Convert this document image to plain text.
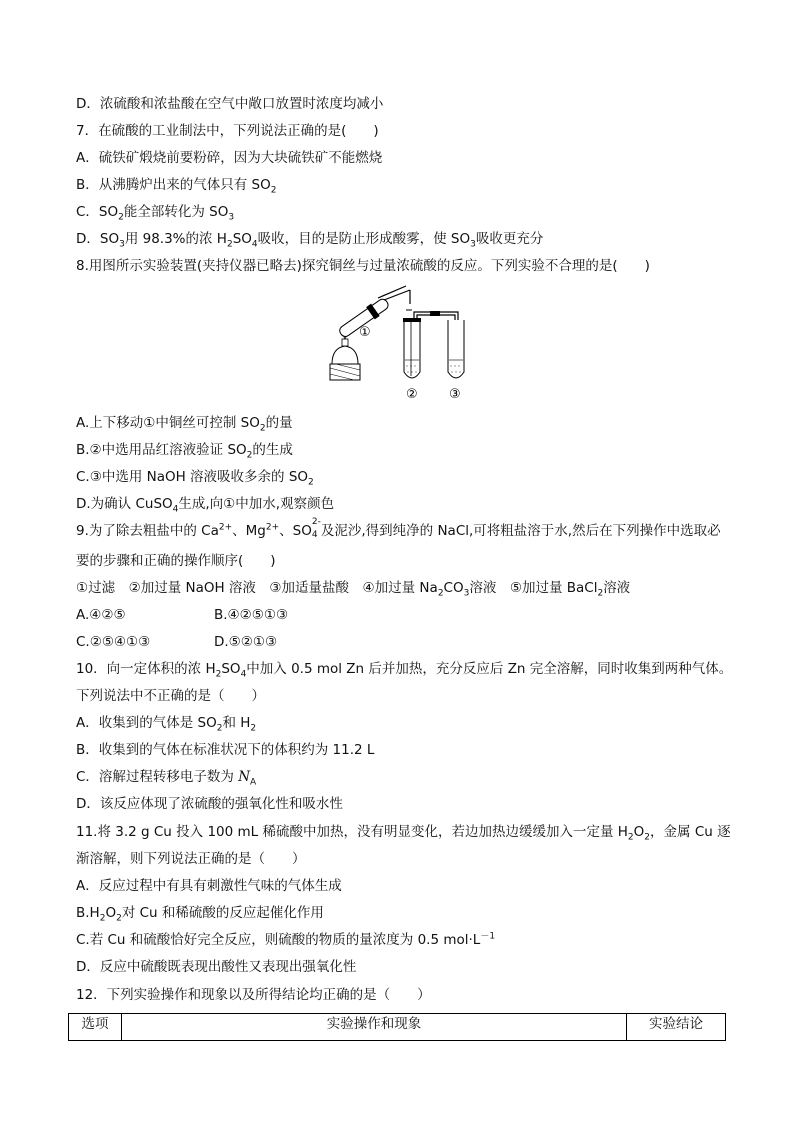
D．浓硫酸和浓盐酸在空气中敞口放置时浓度均减小
7．在硫酸的工业制法中，下列说法正确的是(　　)
A．硫铁矿煅烧前要粉碎，因为大块硫铁矿不能燃烧
B．从沸腾炉出来的气体只有 $SO_2$
C．$SO_2$能全部转化为 $SO_3$
D．$SO_3$用 98.3%的浓 $H_2SO_4$吸收，目的是防止形成酸雾，使 $SO_3$吸收更充分
8.用图所示实验装置(夹持仪器已略去)探究铜丝与过量浓硫酸的反应。下列实验不合理的是(　　)
①
② ③
A.上下移动①中铜丝可控制 $SO_2$的量
B.②中选用品红溶液验证 $SO_2$的生成
C.③中选用 NaOH 溶液吸收多余的 $SO_2$
D.为确认 CuSO$_4$生成,向①中加水,观察颜色
9.为了除去粗盐中的 $Ca^{2+}$、$Mg^{2+}$、SO
2-
4 及泥沙,得到纯净的 NaCl,可将粗盐溶于水,然后在下列操作中选取必
要的步骤和正确的操作顺序(　　)
①过滤　②加过量 NaOH 溶液　③加适量盐酸　④加过量 $Na_2CO_3$溶液　⑤加过量 BaCl$_2$溶液
A.④②⑤	B.④②⑤①③
C.②⑤④①③	D.⑤②①③
10．向一定体积的浓 $H_2SO_4$中加入 0.5 mol Zn 后并加热，充分反应后 Zn 完全溶解，同时收集到两种气体。
下列说法中不正确的是（　　）
A．收集到的气体是 $SO_2$和 $H_2$
B．收集到的气体在标准状况下的体积约为 11.2 L
C．溶解过程转移电子数为 $N_A$
D．该反应体现了浓硫酸的强氧化性和吸水性
11.将 3.2 g Cu 投入 100 mL 稀硫酸中加热，没有明显变化，若边加热边缓缓加入一定量 $H_2O_2$，金属 Cu 逐
渐溶解，则下列说法正确的是（　　）
A．反应过程中有具有刺激性气味的气体生成
$B.H_2O_2$对 Cu 和稀硫酸的反应起催化作用
C.若 Cu 和硫酸恰好完全反应，则硫酸的物质的量浓度为 0.5 $mol\cdot L^{-1}$
D．反应中硫酸既表现出酸性又表现出强氧化性
12．下列实验操作和现象以及所得结论均正确的是（　　）
选项	实验操作和现象	实验结论
